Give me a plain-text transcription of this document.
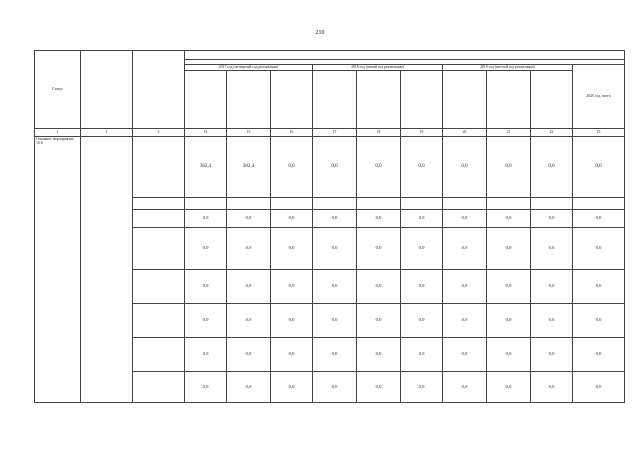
210
Статус												

			2017 год (четвертый год реализации)			2018 год (пятый год реализации)			2019 год (шестой год реализации)			2020 год, всего

1	2	3	14	15	16	17	18	19	20	21	22	23
Основное мероприятие 10.6			382,4	382,4	0,0	0,0	0,0	0,0	0,0	0,0	0,0	0,0

			0,0	0,0	0,0	0,0	0,0	0,0	0,0	0,0	0,0	0,0
			0,0	0,0	0,0	0,0	0,0	0,0	0,0	0,0	0,0	0,0
			0,0	0,0	0,0	0,0	0,0	0,0	0,0	0,0	0,0	0,0
			0,0	0,0	0,0	0,0	0,0	0,0	0,0	0,0	0,0	0,0
			0,0	0,0	0,0	0,0	0,0	0,0	0,0	0,0	0,0	0,0
			0,0	0,0	0,0	0,0	0,0	0,0	0,0	0,0	0,0	0,0
